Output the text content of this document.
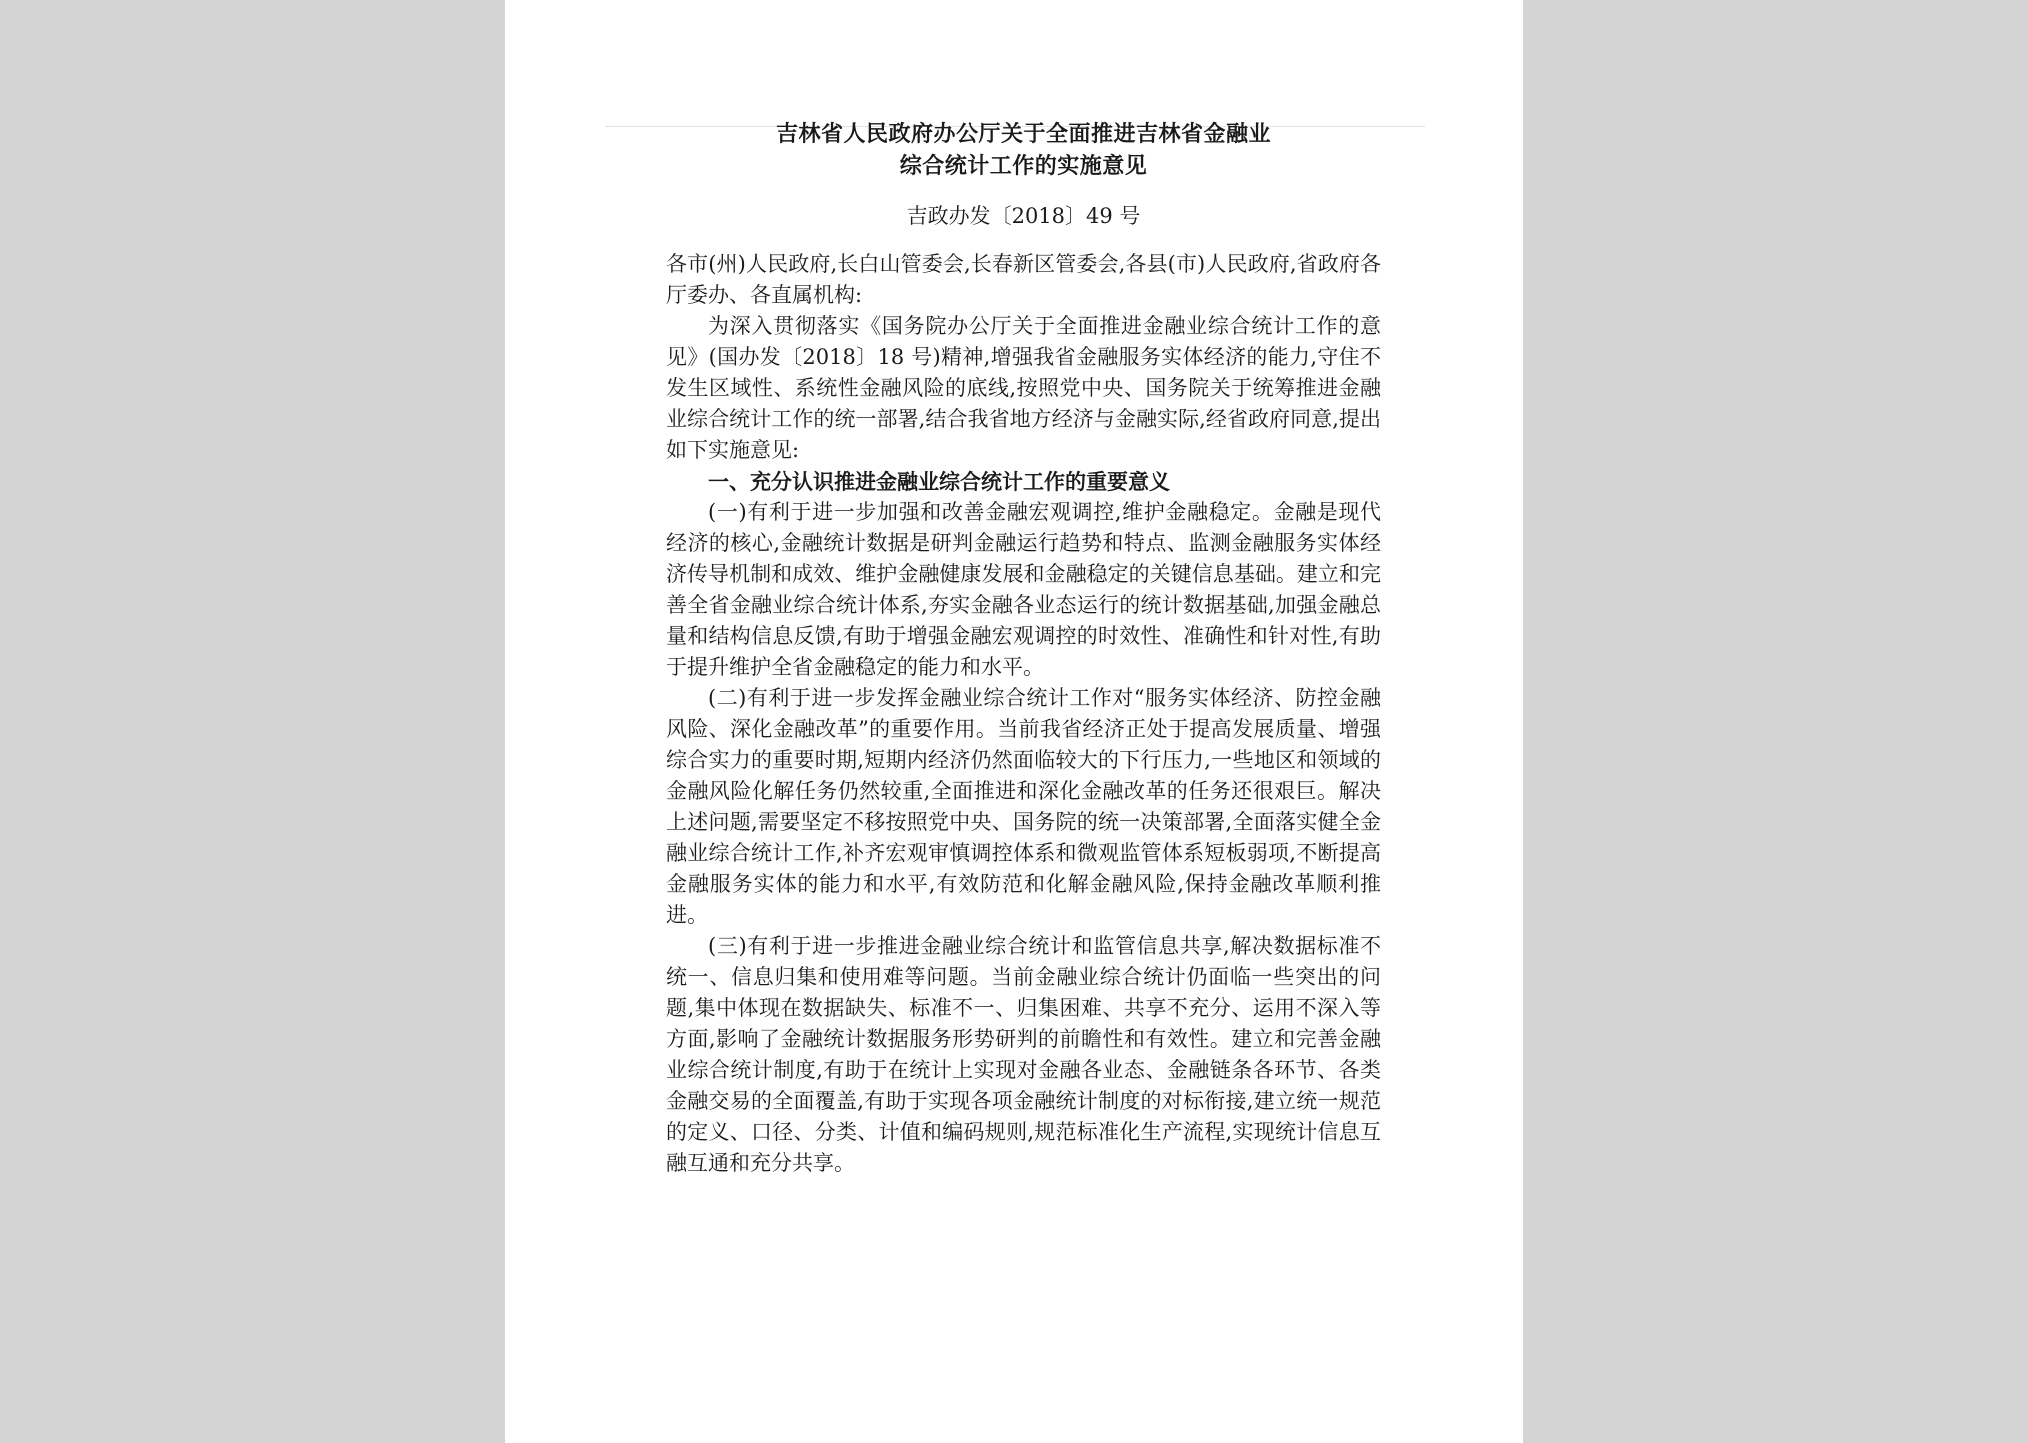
吉林省人民政府办公厅关于全面推进吉林省金融业
综合统计工作的实施意见
吉政办发〔2018〕49 号

各市(州)人民政府,长白山管委会,长春新区管委会,各县(市)人民政府,省政府各厅委办、各直属机构:

为深入贯彻落实《国务院办公厅关于全面推进金融业综合统计工作的意见》(国办发〔2018〕18 号)精神,增强我省金融服务实体经济的能力,守住不发生区域性、系统性金融风险的底线,按照党中央、国务院关于统筹推进金融业综合统计工作的统一部署,结合我省地方经济与金融实际,经省政府同意,提出如下实施意见:

一、充分认识推进金融业综合统计工作的重要意义

(一)有利于进一步加强和改善金融宏观调控,维护金融稳定。金融是现代经济的核心,金融统计数据是研判金融运行趋势和特点、监测金融服务实体经济传导机制和成效、维护金融健康发展和金融稳定的关键信息基础。建立和完善全省金融业综合统计体系,夯实金融各业态运行的统计数据基础,加强金融总量和结构信息反馈,有助于增强金融宏观调控的时效性、准确性和针对性,有助于提升维护全省金融稳定的能力和水平。

(二)有利于进一步发挥金融业综合统计工作对“服务实体经济、防控金融风险、深化金融改革”的重要作用。当前我省经济正处于提高发展质量、增强综合实力的重要时期,短期内经济仍然面临较大的下行压力,一些地区和领域的金融风险化解任务仍然较重,全面推进和深化金融改革的任务还很艰巨。解决上述问题,需要坚定不移按照党中央、国务院的统一决策部署,全面落实健全金融业综合统计工作,补齐宏观审慎调控体系和微观监管体系短板弱项,不断提高金融服务实体的能力和水平,有效防范和化解金融风险,保持金融改革顺利推进。

(三)有利于进一步推进金融业综合统计和监管信息共享,解决数据标准不统一、信息归集和使用难等问题。当前金融业综合统计仍面临一些突出的问题,集中体现在数据缺失、标准不一、归集困难、共享不充分、运用不深入等方面,影响了金融统计数据服务形势研判的前瞻性和有效性。建立和完善金融业综合统计制度,有助于在统计上实现对金融各业态、金融链条各环节、各类金融交易的全面覆盖,有助于实现各项金融统计制度的对标衔接,建立统一规范的定义、口径、分类、计值和编码规则,规范标准化生产流程,实现统计信息互融互通和充分共享。
